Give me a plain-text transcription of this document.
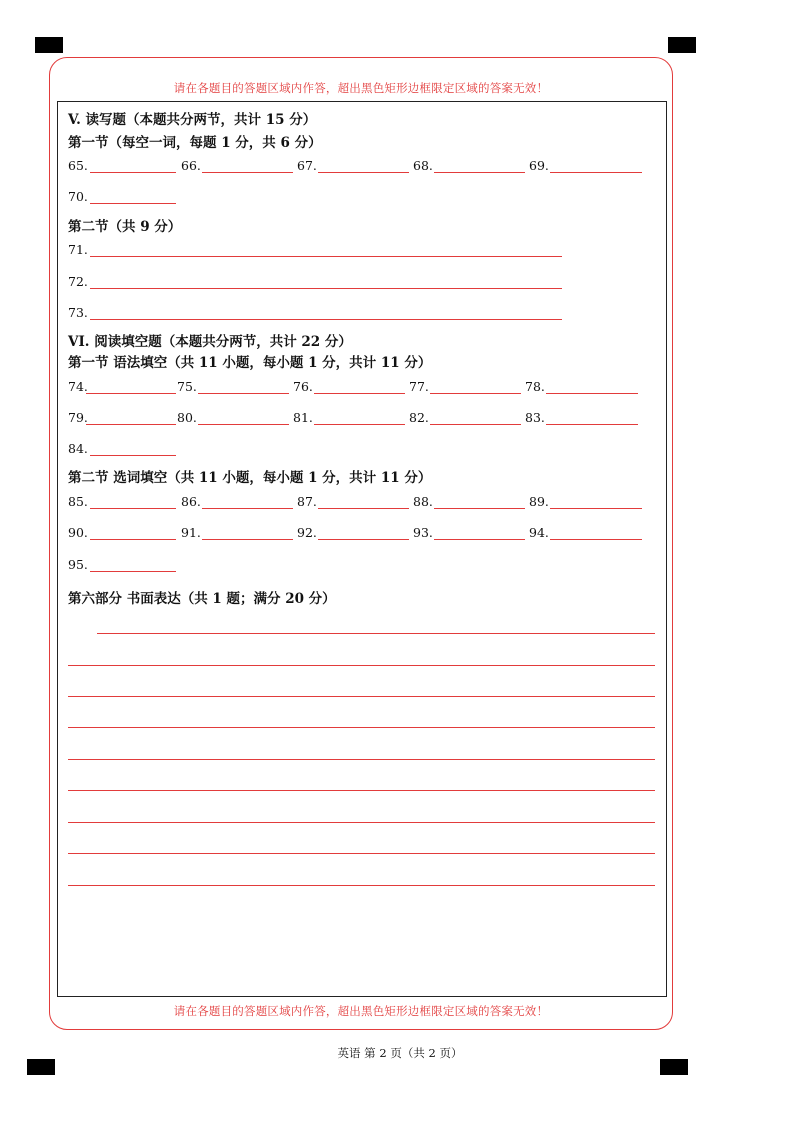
请在各题目的答题区域内作答，超出黑色矩形边框限定区域的答案无效！
请在各题目的答题区域内作答，超出黑色矩形边框限定区域的答案无效！
V. 读写题（本题共分两节，共计 15 分）
第一节（每空一词，每题 1 分，共 6 分）
65.	66.	67.	68.	69.
70.
第二节（共 9 分）
71.
72.
73.
VI. 阅读填空题（本题共分两节，共计 22 分）
第一节 语法填空（共 11 小题，每小题 1 分，共计 11 分）
74.	75.	76.	77.	78.
79.	80.	81.	82.	83.
84.
第二节 选词填空（共 11 小题，每小题 1 分，共计 11 分）
85.	86.	87.	88.	89.
90.	91.	92.	93.	94.
95.
第六部分 书面表达（共 1 题；满分 20 分）
英语 第 2 页（共 2 页）
